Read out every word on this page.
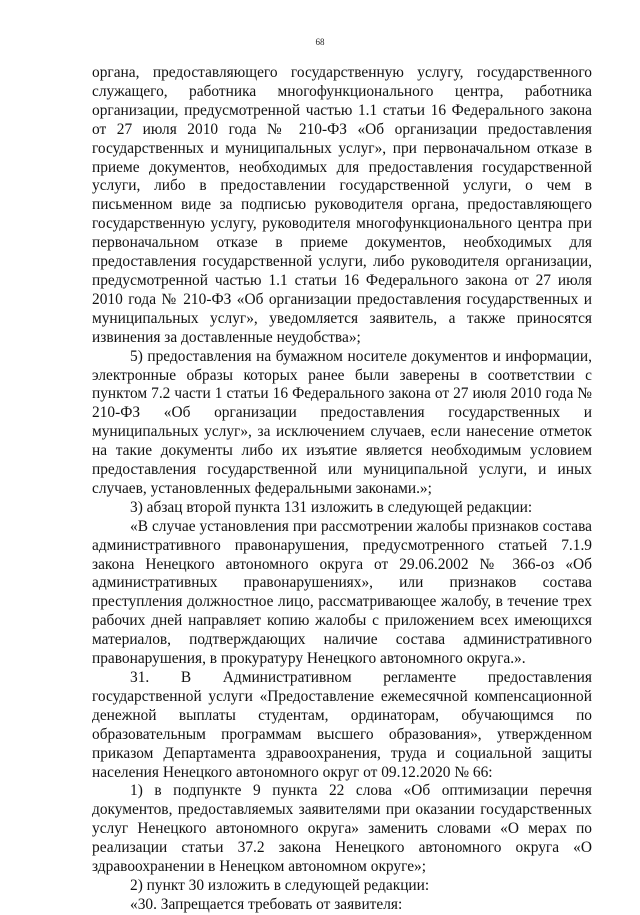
68

органа, предоставляющего государственную услугу, государственного служащего, работника многофункционального центра, работника организации, предусмотренной частью 1.1 статьи 16 Федерального закона от 27 июля 2010 года № 210-ФЗ «Об организации предоставления государственных и муниципальных услуг», при первоначальном отказе в приеме документов, необходимых для предоставления государственной услуги, либо в предоставлении государственной услуги, о чем в письменном виде за подписью руководителя органа, предоставляющего государственную услугу, руководителя многофункционального центра при первоначальном отказе в приеме документов, необходимых для предоставления государственной услуги, либо руководителя организации, предусмотренной частью 1.1 статьи 16 Федерального закона от 27 июля 2010 года № 210-ФЗ «Об организации предоставления государственных и муниципальных услуг», уведомляется заявитель, а также приносятся извинения за доставленные неудобства»;

5) предоставления на бумажном носителе документов и информации, электронные образы которых ранее были заверены в соответствии с пунктом 7.2 части 1 статьи 16 Федерального закона от 27 июля 2010 года № 210-ФЗ «Об организации предоставления государственных и муниципальных услуг», за исключением случаев, если нанесение отметок на такие документы либо их изъятие является необходимым условием предоставления государственной или муниципальной услуги, и иных случаев, установленных федеральными законами.»;

3) абзац второй пункта 131 изложить в следующей редакции:

«В случае установления при рассмотрении жалобы признаков состава административного правонарушения, предусмотренного статьей 7.1.9 закона Ненецкого автономного округа от 29.06.2002 № 366-оз «Об административных правонарушениях», или признаков состава преступления должностное лицо, рассматривающее жалобу, в течение трех рабочих дней направляет копию жалобы с приложением всех имеющихся материалов, подтверждающих наличие состава административного правонарушения, в прокуратуру Ненецкого автономного округа.».

31. В Административном регламенте предоставления государственной услуги «Предоставление ежемесячной компенсационной денежной выплаты студентам, ординаторам, обучающимся по образовательным программам высшего образования», утвержденном приказом Департамента здравоохранения, труда и социальной защиты населения Ненецкого автономного округ от 09.12.2020 № 66:

1) в подпункте 9 пункта 22 слова «Об оптимизации перечня документов, предоставляемых заявителями при оказании государственных услуг Ненецкого автономного округа» заменить словами «О мерах по реализации статьи 37.2 закона Ненецкого автономного округа «О здравоохранении в Ненецком автономном округе»;

2) пункт 30 изложить в следующей редакции:

«30. Запрещается требовать от заявителя:
